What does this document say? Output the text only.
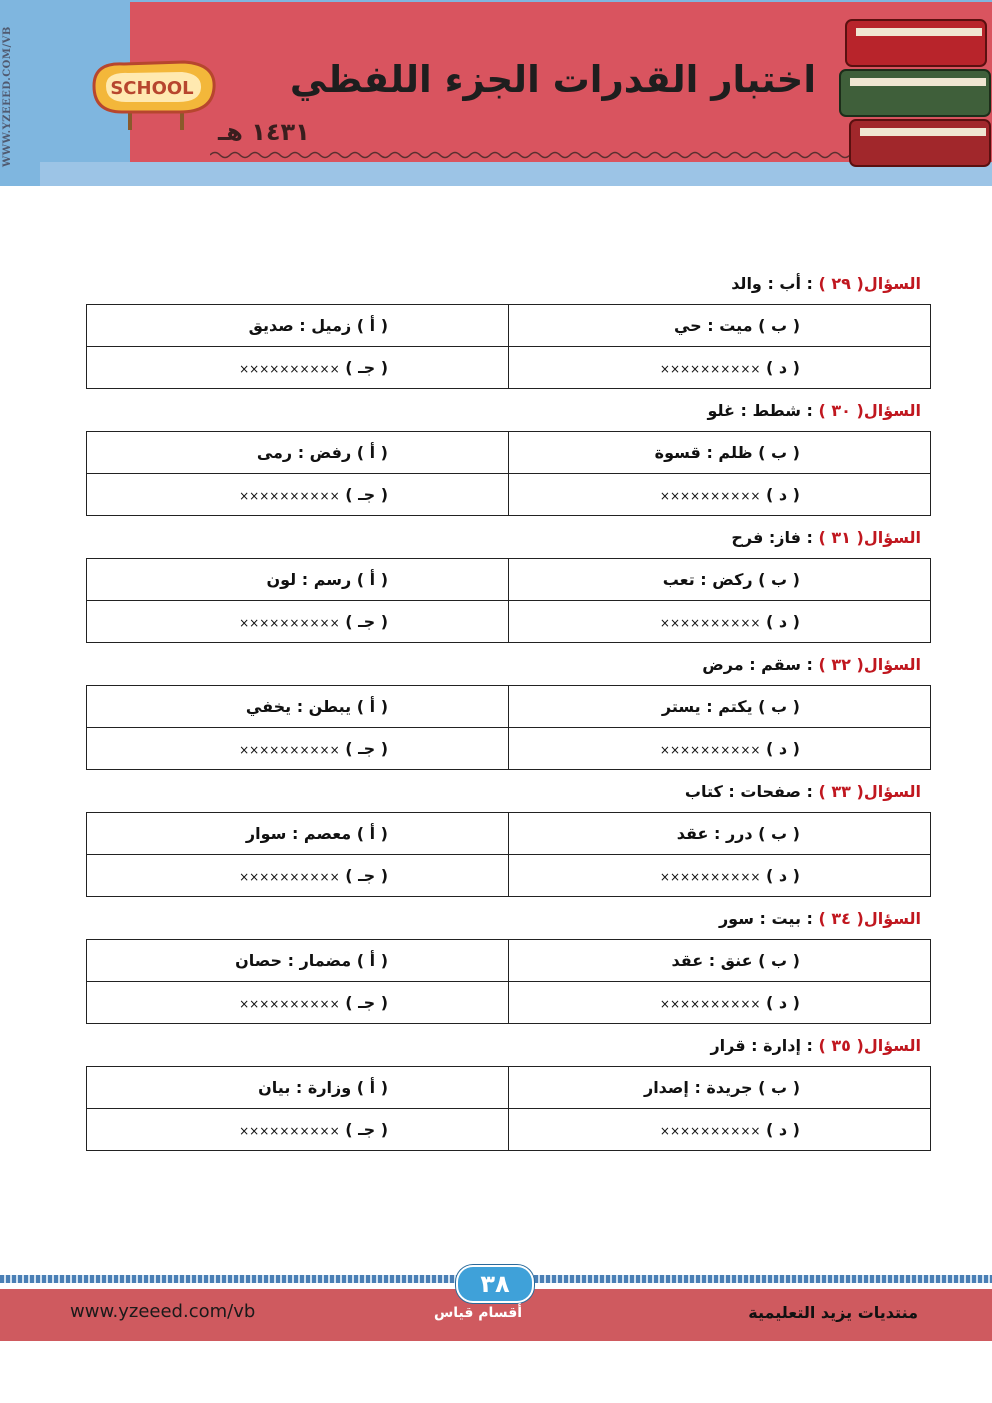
WWW.YZEEED.COM/VB	SCHOOL	اختبار القدرات الجزء اللفظي
١٤٣١ هـ
السؤال( ٢٩ ) : أب : والد
( أ ) زميل : صديق	( ب ) ميت : حي
( جـ ) ××××××××××	( د ) ××××××××××
السؤال( ٣٠ ) : شطط : غلو
( أ ) رفض : رمى	( ب ) ظلم : قسوة
( جـ ) ××××××××××	( د ) ××××××××××
السؤال( ٣١ ) : فاز: فرح
( أ ) رسم : لون	( ب ) ركض : تعب
( جـ ) ××××××××××	( د ) ××××××××××
السؤال( ٣٢ ) : سقم : مرض
( أ ) يبطن : يخفي	( ب ) يكتم : يستر
( جـ ) ××××××××××	( د ) ××××××××××
السؤال( ٣٣ ) : صفحات : كتاب
( أ ) معصم : سوار	( ب ) درر : عقد
( جـ ) ××××××××××	( د ) ××××××××××
السؤال( ٣٤ ) : بيت : سور
( أ ) مضمار : حصان	( ب ) عنق : عقد
( جـ ) ××××××××××	( د ) ××××××××××
السؤال( ٣٥ ) : إدارة : قرار
( أ ) وزارة : بيان	( ب ) جريدة : إصدار
( جـ ) ××××××××××	( د ) ××××××××××
٣٨
www.yzeeed.com/vb	أقسام قياس	منتديات يزيد التعليمية
